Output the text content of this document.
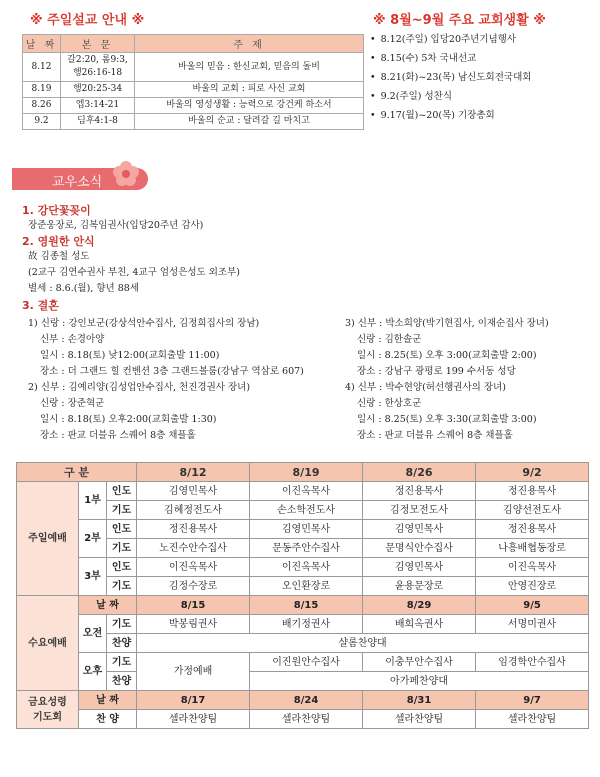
※ 주일설교 안내 ※
날 짜	본 문	주 제
8.12	갈2:20, 롬9:3, 행26:16-18	바울의 믿음 : 한신교회, 믿음의 돌비
8.19	행20:25-34	바울의 교회 : 피로 사신 교회
8.26	엡3:14-21	바울의 영성생활 : 능력으로 강건케 하소서
9.2	딤후4:1-8	바울의 순교 : 달려갈 길 마치고
※ 8월~9월 주요 교회생활 ※
• 8.12(주일) 입당20주년기념행사
• 8.15(수) 5차 국내선교
• 8.21(화)~23(목) 남신도회전국대회
• 9.2(주일) 성찬식
• 9.17(월)~20(목) 기장총회
교우소식
1. 강단꽃꽂이
장준웅장로, 김복임권사(입당20주년 감사)
2. 영원한 안식
故 김종철 성도
(2교구 김연수권사 부친, 4교구 엄성은성도 외조부)
별세 : 8.6.(월), 향년 88세
3. 결혼
1) 신랑 : 강인보군(강상석안수집사, 김정희집사의 장남)
신부 : 손경아양
일시 : 8.18(토) 낮12:00(교회출발 11:00)
장소 : 더 그랜드 힐 컨벤션 3층 그랜드볼룸(강남구 역삼로 607)
2) 신부 : 김예리양(김성업안수집사, 천진경권사 장녀)
신랑 : 장준혁군
일시 : 8.18(토) 오후2:00(교회출발 1:30)
장소 : 판교 더블유 스퀘어 8층 채플홀
3) 신부 : 박소희양(박기현집사, 이재순집사 장녀)
신랑 : 김한솔군
일시 : 8.25(토) 오후 3:00(교회출발 2:00)
장소 : 강남구 광평로 199 수서동 성당
4) 신부 : 박수현양(허선행권사의 장녀)
신랑 : 한상호군
일시 : 8.25(토) 오후 3:30(교회출발 3:00)
장소 : 판교 더블유 스퀘어 8층 채플홀
구 분			8/12	8/19	8/26	9/2
주일예배	1부	인도	김영민목사	이진옥목사	정진용목사	정진용목사
		기도	김혜정전도사	손소학전도사	김정모전도사	김양선전도사
	2부	인도	정진용목사	김영민목사	김영민목사	정진용목사
		기도	노진수안수집사	문동주안수집사	문명식안수집사	나흥배협동장로
	3부	인도	이진옥목사	이진옥목사	김영민목사	이진옥목사
		기도	김정수장로	오인환장로	윤용문장로	안영진장로
수요예배	날 짜		8/15	8/15	8/29	9/5
	오전	기도	박봉림권사	배기정권사	배희옥권사	서명미권사
		찬양	샬롬찬양대			
	오후	기도	가정예배	이진원안수집사	이충무안수집사	임경학안수집사
		찬양		아가페찬양대		
금요성령
기도회	날 짜		8/17	8/24	8/31	9/7
	찬 양		셀라찬양팀	셀라찬양팀	셀라찬양팀	셀라찬양팀
